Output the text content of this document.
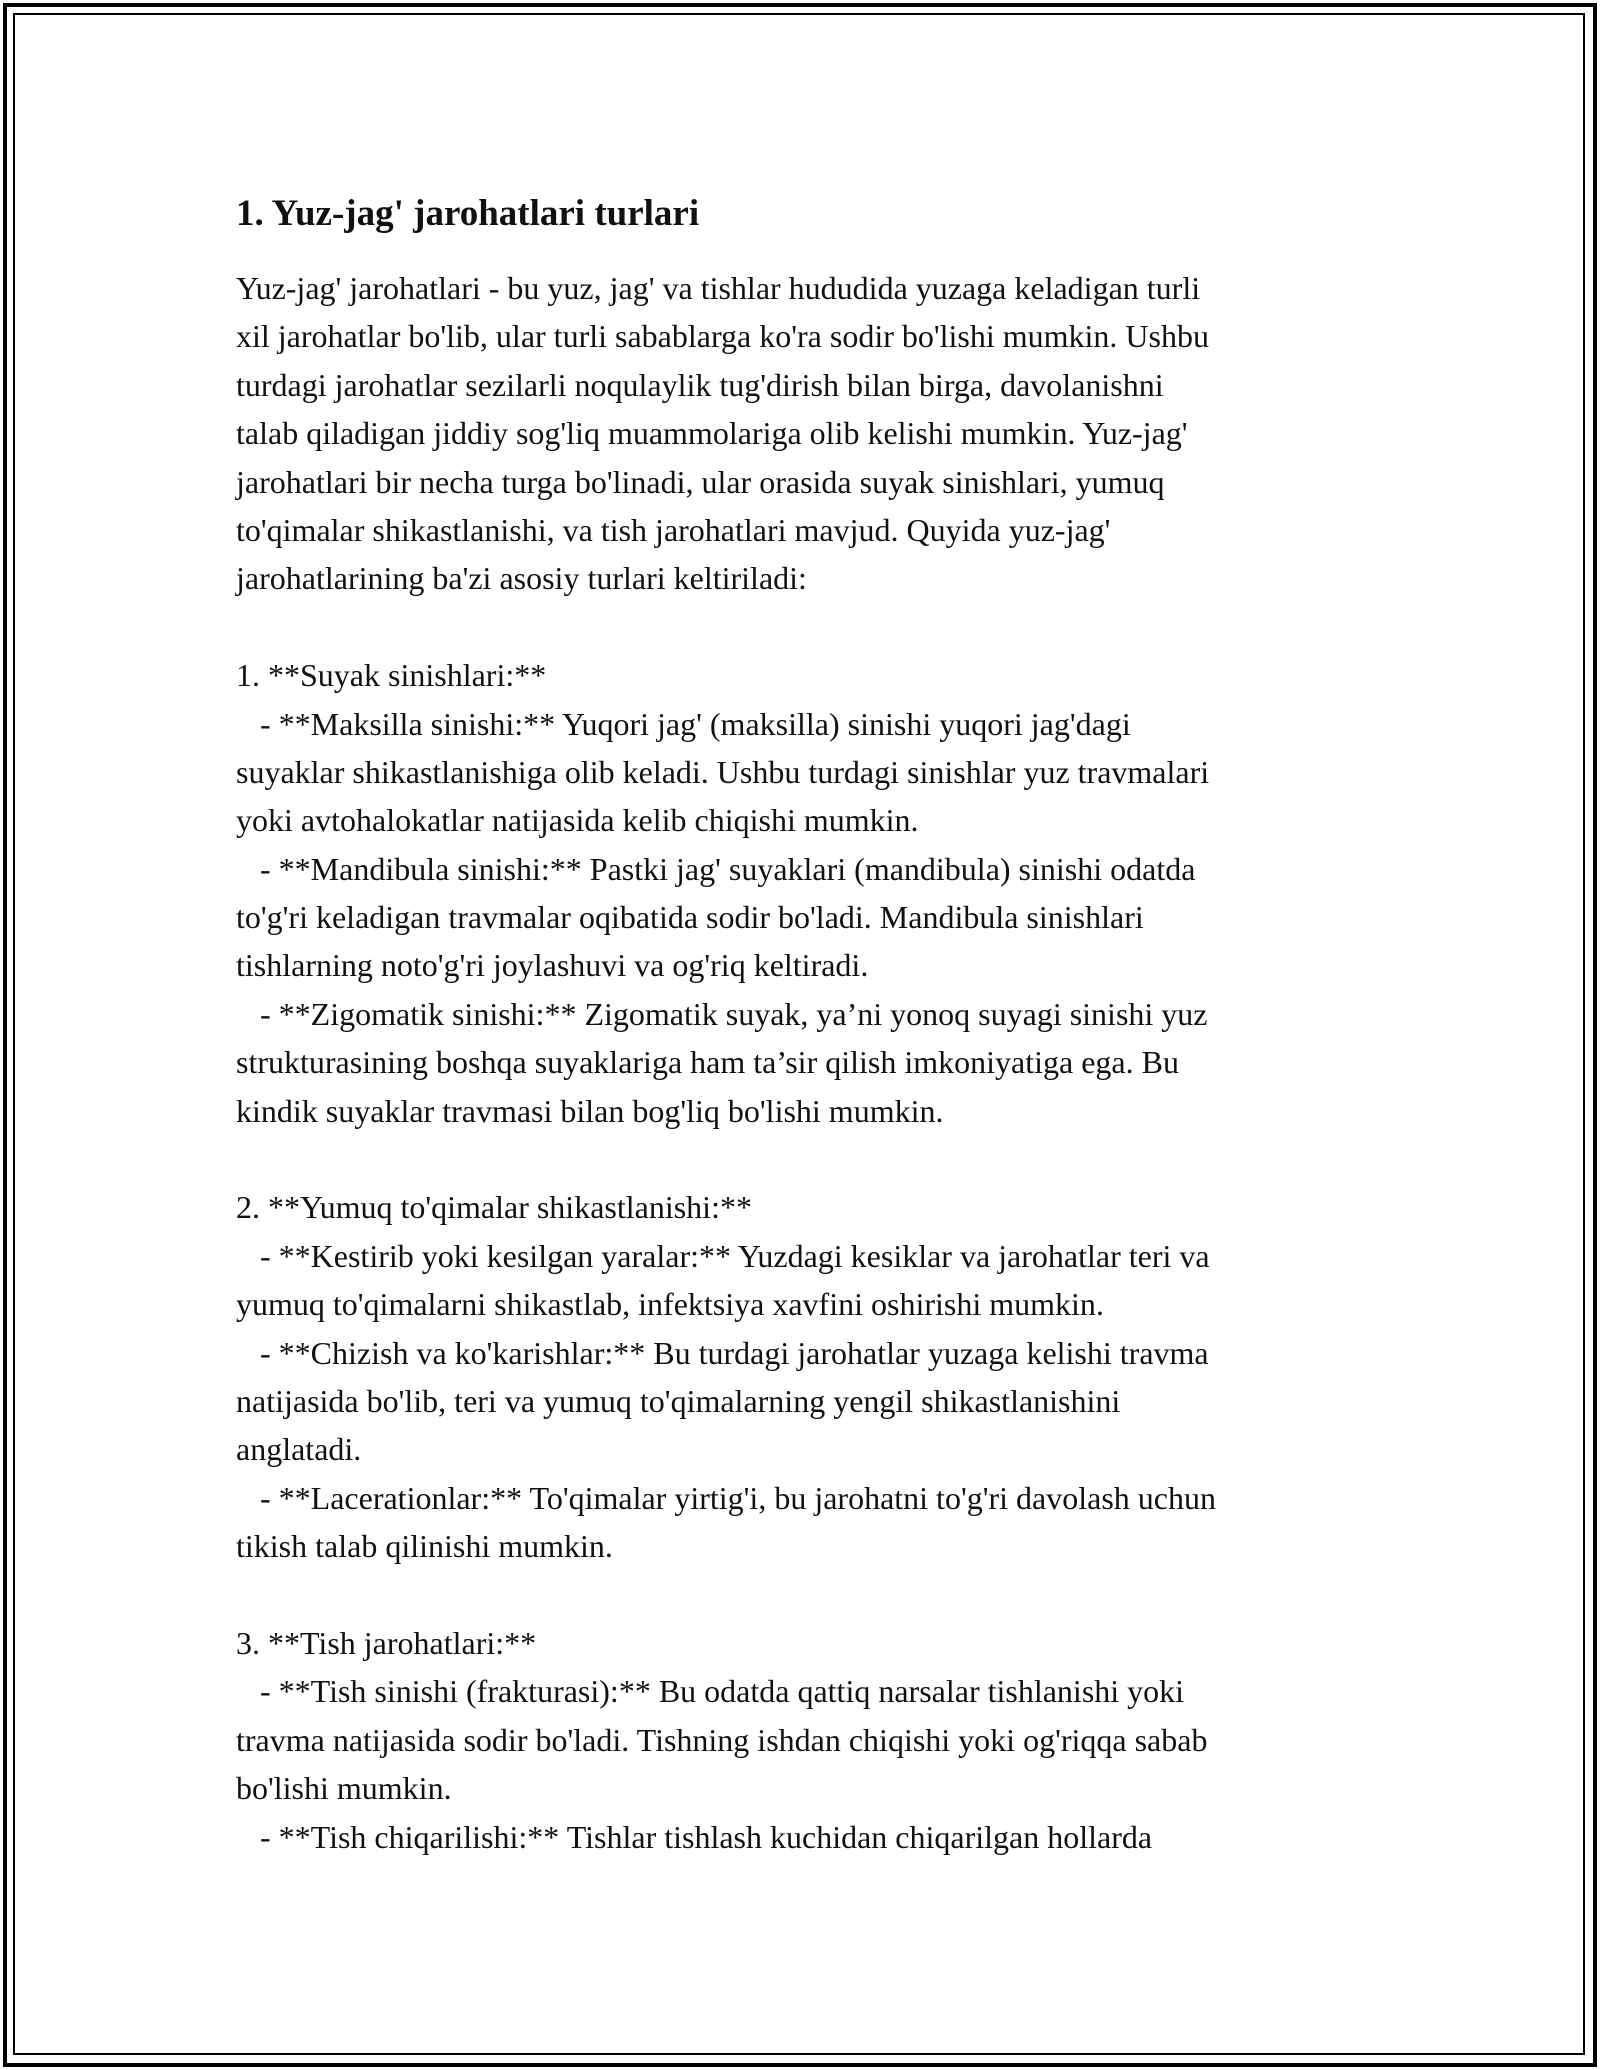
1. Yuz-jag' jarohatlari turlari
Yuz-jag' jarohatlari - bu yuz, jag' va tishlar hududida yuzaga keladigan turli
xil jarohatlar bo'lib, ular turli sabablarga ko'ra sodir bo'lishi mumkin. Ushbu
turdagi jarohatlar sezilarli noqulaylik tug'dirish bilan birga, davolanishni
talab qiladigan jiddiy sog'liq muammolariga olib kelishi mumkin. Yuz-jag'
jarohatlari bir necha turga bo'linadi, ular orasida suyak sinishlari, yumuq
to'qimalar shikastlanishi, va tish jarohatlari mavjud. Quyida yuz-jag'
jarohatlarining ba'zi asosiy turlari keltiriladi:
1. **Suyak sinishlari:**
- **Maksilla sinishi:** Yuqori jag' (maksilla) sinishi yuqori jag'dagi
suyaklar shikastlanishiga olib keladi. Ushbu turdagi sinishlar yuz travmalari
yoki avtohalokatlar natijasida kelib chiqishi mumkin.
- **Mandibula sinishi:** Pastki jag' suyaklari (mandibula) sinishi odatda
to'g'ri keladigan travmalar oqibatida sodir bo'ladi. Mandibula sinishlari
tishlarning noto'g'ri joylashuvi va og'riq keltiradi.
- **Zigomatik sinishi:** Zigomatik suyak, ya’ni yonoq suyagi sinishi yuz
strukturasining boshqa suyaklariga ham ta’sir qilish imkoniyatiga ega. Bu
kindik suyaklar travmasi bilan bog'liq bo'lishi mumkin.
2. **Yumuq to'qimalar shikastlanishi:**
- **Kestirib yoki kesilgan yaralar:** Yuzdagi kesiklar va jarohatlar teri va
yumuq to'qimalarni shikastlab, infektsiya xavfini oshirishi mumkin.
- **Chizish va ko'karishlar:** Bu turdagi jarohatlar yuzaga kelishi travma
natijasida bo'lib, teri va yumuq to'qimalarning yengil shikastlanishini
anglatadi.
- **Lacerationlar:** To'qimalar yirtig'i, bu jarohatni to'g'ri davolash uchun
tikish talab qilinishi mumkin.
3. **Tish jarohatlari:**
- **Tish sinishi (frakturasi):** Bu odatda qattiq narsalar tishlanishi yoki
travma natijasida sodir bo'ladi. Tishning ishdan chiqishi yoki og'riqqa sabab
bo'lishi mumkin.
- **Tish chiqarilishi:** Tishlar tishlash kuchidan chiqarilgan hollarda
